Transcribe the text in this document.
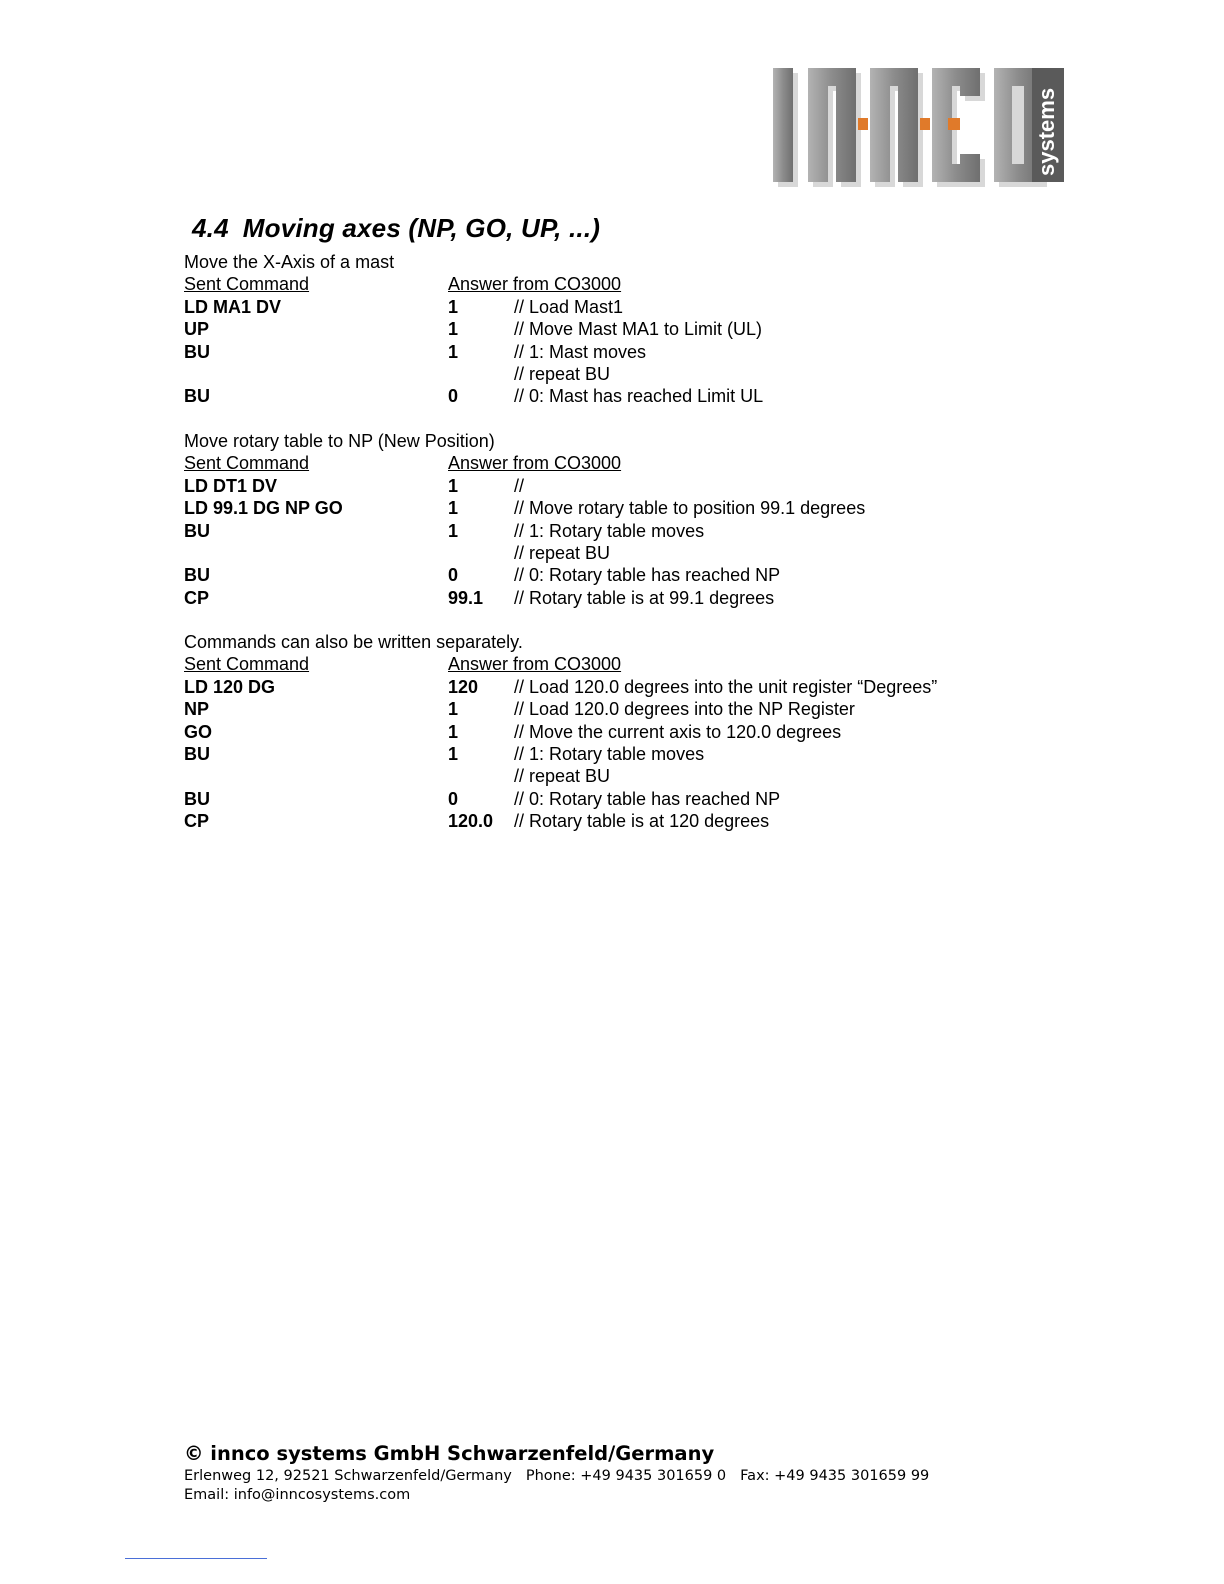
systems
4.4 Moving axes (NP, GO, UP, ...)
Move the X-Axis of a mast
Sent Command	Answer from CO3000
LD MA1 DV	1	// Load Mast1
UP	1	// Move Mast MA1 to Limit (UL)
BU	1	// 1: Mast moves
// repeat BU
BU	0	// 0: Mast has reached Limit UL
Move rotary table to NP (New Position)
Sent Command	Answer from CO3000
LD DT1 DV	1	//
LD 99.1 DG NP GO	1	// Move rotary table to position 99.1 degrees
BU	1	// 1: Rotary table moves
// repeat BU
BU	0	// 0: Rotary table has reached NP
CP	99.1 // Rotary table is at 99.1 degrees
Commands can also be written separately.
Sent Command	Answer from CO3000
LD 120 DG	120 // Load 120.0 degrees into the unit register “Degrees”
NP	1	// Load 120.0 degrees into the NP Register
GO	1	// Move the current axis to 120.0 degrees
BU	1	// 1: Rotary table moves
// repeat BU
BU	0	// 0: Rotary table has reached NP
CP	120.0 // Rotary table is at 120 degrees
© innco systems GmbH Schwarzenfeld/Germany
Erlenweg 12, 92521 Schwarzenfeld/Germany Phone: +49 9435 301659 0 Fax: +49 9435 301659 99
Email: info@inncosystems.com
